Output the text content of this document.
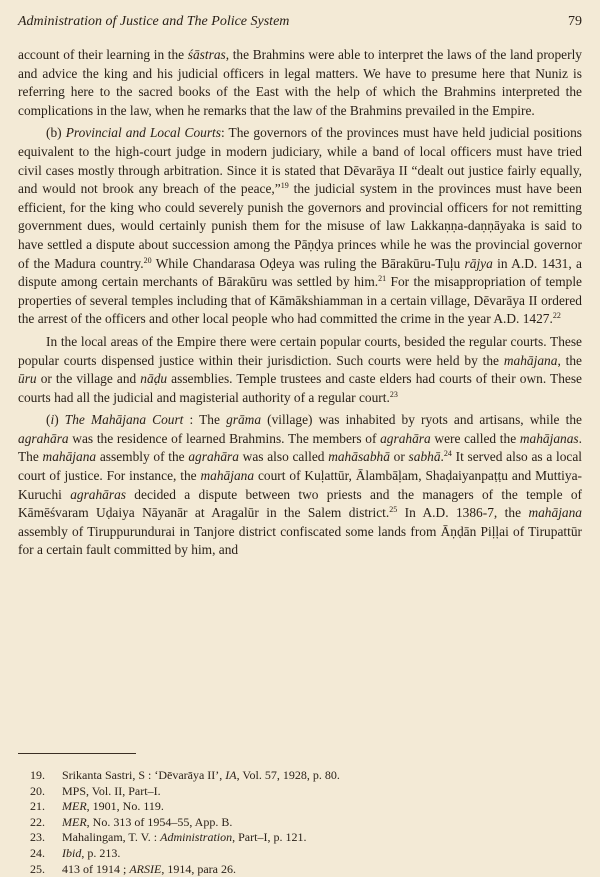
Administration of Justice and The Police System	79

account of their learning in the śāstras, the Brahmins were able to interpret the laws of the land properly and advice the king and his judicial officers in legal matters. We have to presume here that Nuniz is referring here to the sacred books of the East with the help of which the Brahmins interpreted the complications in the law, when he remarks that the law of the Brahmins prevailed in the Empire.

(b) Provincial and Local Courts: The governors of the provinces must have held judicial positions equivalent to the high-court judge in modern judiciary, while a band of local officers must have tried civil cases mostly through arbitration. Since it is stated that Dēvarāya II “dealt out justice fairly equally, and would not brook any breach of the peace,”$^{19}$ the judicial system in the provinces must have been efficient, for the king who could severely punish the governors and provincial officers for not remitting government dues, would certainly punish them for the misuse of law Lakkaṇṇa-daṇṇāyaka is said to have settled a dispute about succession among the Pāṇḍya princes while he was the provincial governor of the Madura country.$^{20}$ While Chandarasa Oḍeya was ruling the Bārakūru-Tuḷu rājya in A.D. 1431, a dispute among certain merchants of Bārakūru was settled by him.$^{21}$ For the misappropriation of temple properties of several temples including that of Kāmākshiamman in a certain village, Dēvarāya II ordered the arrest of the officers and other local people who had committed the crime in the year A.D. 1427.22

In the local areas of the Empire there were certain popular courts, besided the regular courts. These popular courts dispensed justice within their jurisdiction. Such courts were held by the mahājana, the ūru or the village and nāḍu assemblies. Temple trustees and caste elders had courts of their own. These courts had all the judicial and magisterial authority of a regular court.$^{23}$

(i) The Mahājana Court : The grāma (village) was inhabited by ryots and artisans, while the agrahāra was the residence of learned Brahmins. The members of agrahāra were called the mahājanas. The mahājana assembly of the agrahāra was also called mahāsabhā or sabhā.$^{24}$ It served also as a local court of justice. For instance, the mahājana court of Kuḷattūr, Ālambāḷam, Shaḍaiyanpaṭṭu and Muttiya-Kuruchi agrahāras decided a dispute between two priests and the managers of the temple of Kāmēśvaram Uḍaiya Nāyanār at Aragalūr in the Salem district.$^{25}$ In A.D. 1386-7, the mahājana assembly of Tiruppurundurai in Tanjore district confiscated some lands from Āṇḍān Piḷḷai of Tirupattūr for a certain fault committed by him, and

19.	Srikanta Sastri, S : ‘Dēvarāya II’, IA, Vol. 57, 1928, p. 80.
20.	MPS, Vol. II, Part–I.
21.	MER, 1901, No. 119.
22.	MER, No. 313 of 1954–55, App. B.
23.	Mahalingam, T. V. : Administration, Part–I, p. 121.
24.	Ibid, p. 213.
25.	413 of 1914 ; ARSIE, 1914, para 26.
